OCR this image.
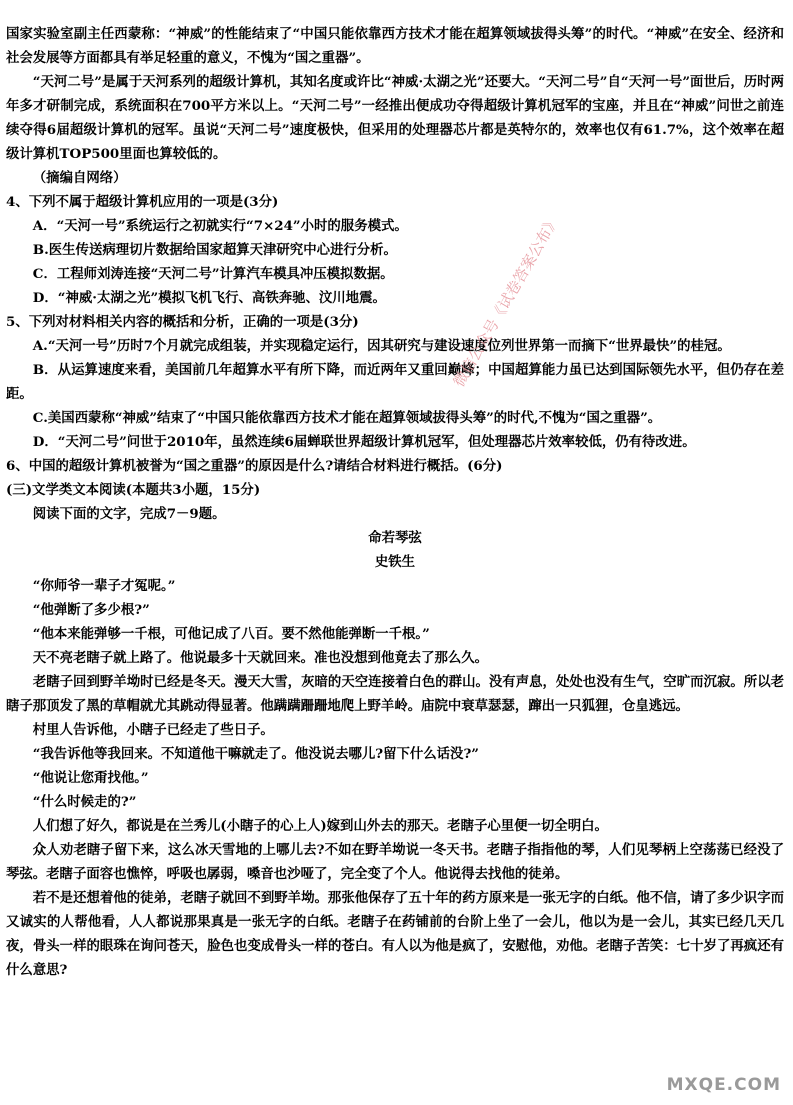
国家实验室副主任西蒙称：“神威”的性能结束了“中国只能依靠西方技术才能在超算领域拔得头筹”的时代。“神威”在安全、经济和社会发展等方面都具有举足轻重的意义，不愧为“国之重器”。

“天河二号”是属于天河系列的超级计算机，其知名度或许比“神威·太湖之光”还要大。“天河二号”自“天河一号”面世后，历时两年多才研制完成，系统面积在700平方米以上。“天河二号”一经推出便成功夺得超级计算机冠军的宝座，并且在“神威”问世之前连续夺得6届超级计算机的冠军。虽说“天河二号”速度极快，但采用的处理器芯片都是英特尔的，效率也仅有61.7%，这个效率在超级计算机TOP500里面也算较低的。

（摘编自网络）

4、下列不属于超级计算机应用的一项是(3分)

A．“天河一号”系统运行之初就实行“7×24”小时的服务模式。

B.医生传送病理切片数据给国家超算天津研究中心进行分析。

C．工程师刘涛连接“天河二号”计算汽车模具冲压模拟数据。

D．“神威·太湖之光”模拟飞机飞行、高铁奔驰、汶川地震。

5、下列对材料相关内容的概括和分析，正确的一项是(3分)

A.“天河一号”历时7个月就完成组装，并实现稳定运行，因其研究与建设速度位列世界第一而摘下“世界最快”的桂冠。

B．从运算速度来看，美国前几年超算水平有所下降，而近两年又重回巅峰；中国超算能力虽已达到国际领先水平，但仍存在差距。

C.美国西蒙称“神威”结束了“中国只能依靠西方技术才能在超算领域拔得头筹”的时代,不愧为“国之重器”。

D．“天河二号”问世于2010年，虽然连续6届蝉联世界超级计算机冠军，但处理器芯片效率较低，仍有待改进。

6、中国的超级计算机被誉为“国之重器”的原因是什么?请结合材料进行概括。(6分)

(三)文学类文本阅读(本题共3小题，15分)

阅读下面的文字，完成7－9题。

命若琴弦

史铁生

“你师爷一辈子才冤呢。”

“他弹断了多少根?”

“他本来能弹够一千根，可他记成了八百。要不然他能弹断一千根。”

天不亮老瞎子就上路了。他说最多十天就回来。准也没想到他竟去了那么久。

老瞎子回到野羊坳时已经是冬天。漫天大雪，灰暗的天空连接着白色的群山。没有声息，处处也没有生气，空旷而沉寂。所以老瞎子那顶发了黑的草帽就尤其跳动得显著。他蹒蹒跚跚地爬上野羊岭。庙院中衰草瑟瑟，蹿出一只狐狸，仓皇逃远。

村里人告诉他，小瞎子已经走了些日子。

“我告诉他等我回来。不知道他干嘛就走了。他没说去哪儿?留下什么话没?”

“他说让您甭找他。”

“什么时候走的?”

人们想了好久，都说是在兰秀儿(小瞎子的心上人)嫁到山外去的那天。老瞎子心里便一切全明白。

众人劝老瞎子留下来，这么冰天雪地的上哪儿去?不如在野羊坳说一冬天书。老瞎子指指他的琴，人们见琴柄上空荡荡已经没了琴弦。老瞎子面容也憔悴，呼吸也孱弱，嗓音也沙哑了，完全变了个人。他说得去找他的徒弟。

若不是还想着他的徒弟，老瞎子就回不到野羊坳。那张他保存了五十年的药方原来是一张无字的白纸。他不信，请了多少识字而又诚实的人帮他看，人人都说那果真是一张无字的白纸。老瞎子在药铺前的台阶上坐了一会儿，他以为是一会儿，其实已经几天几夜，骨头一样的眼珠在询问苍天，脸色也变成骨头一样的苍白。有人以为他是疯了，安慰他，劝他。老瞎子苦笑：七十岁了再疯还有什么意思?

微信公众号《试卷答案公布》
MXQE.COM
